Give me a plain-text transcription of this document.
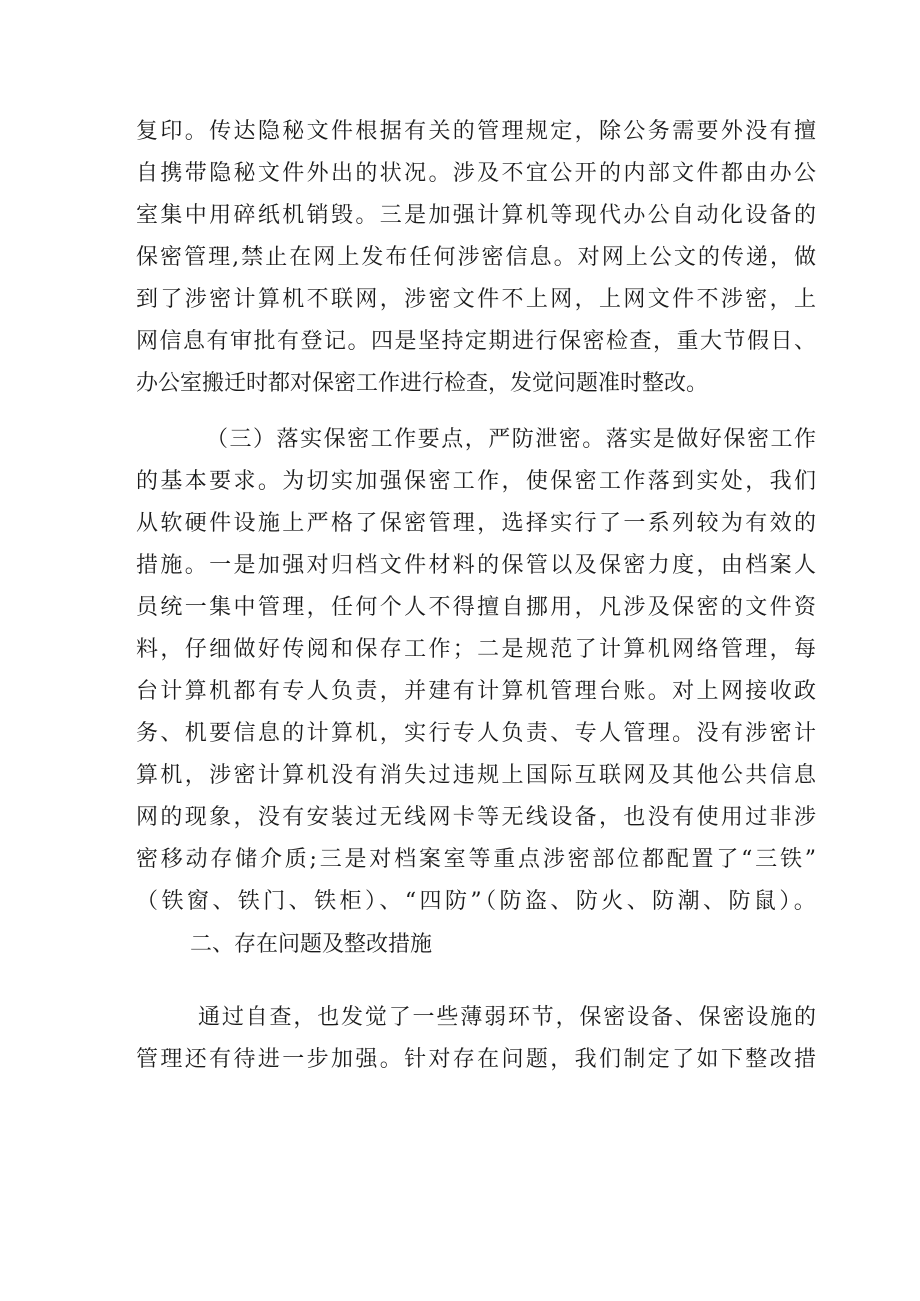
复印。传达隐秘文件根据有关的管理规定，除公务需要外没有擅
自携带隐秘文件外出的状况。涉及不宜公开的内部文件都由办公
室集中用碎纸机销毁。三是加强计算机等现代办公自动化设备的
保密管理,禁止在网上发布任何涉密信息。对网上公文的传递，做
到了涉密计算机不联网，涉密文件不上网，上网文件不涉密，上
网信息有审批有登记。四是坚持定期进行保密检查，重大节假日、
办公室搬迁时都对保密工作进行检查，发觉问题准时整改。
（三）落实保密工作要点，严防泄密。落实是做好保密工作
的基本要求。为切实加强保密工作，使保密工作落到实处，我们
从软硬件设施上严格了保密管理，选择实行了一系列较为有效的
措施。一是加强对归档文件材料的保管以及保密力度，由档案人
员统一集中管理，任何个人不得擅自挪用，凡涉及保密的文件资
料，仔细做好传阅和保存工作；二是规范了计算机网络管理，每
台计算机都有专人负责，并建有计算机管理台账。对上网接收政
务、机要信息的计算机，实行专人负责、专人管理。没有涉密计
算机，涉密计算机没有消失过违规上国际互联网及其他公共信息
网的现象，没有安装过无线网卡等无线设备，也没有使用过非涉
密移动存储介质;三是对档案室等重点涉密部位都配置了“三铁”
（铁窗、铁门、铁柜）、“四防”（防盗、防火、防潮、防鼠）。
二、存在问题及整改措施
通过自查，也发觉了一些薄弱环节，保密设备、保密设施的
管理还有待进一步加强。针对存在问题，我们制定了如下整改措
